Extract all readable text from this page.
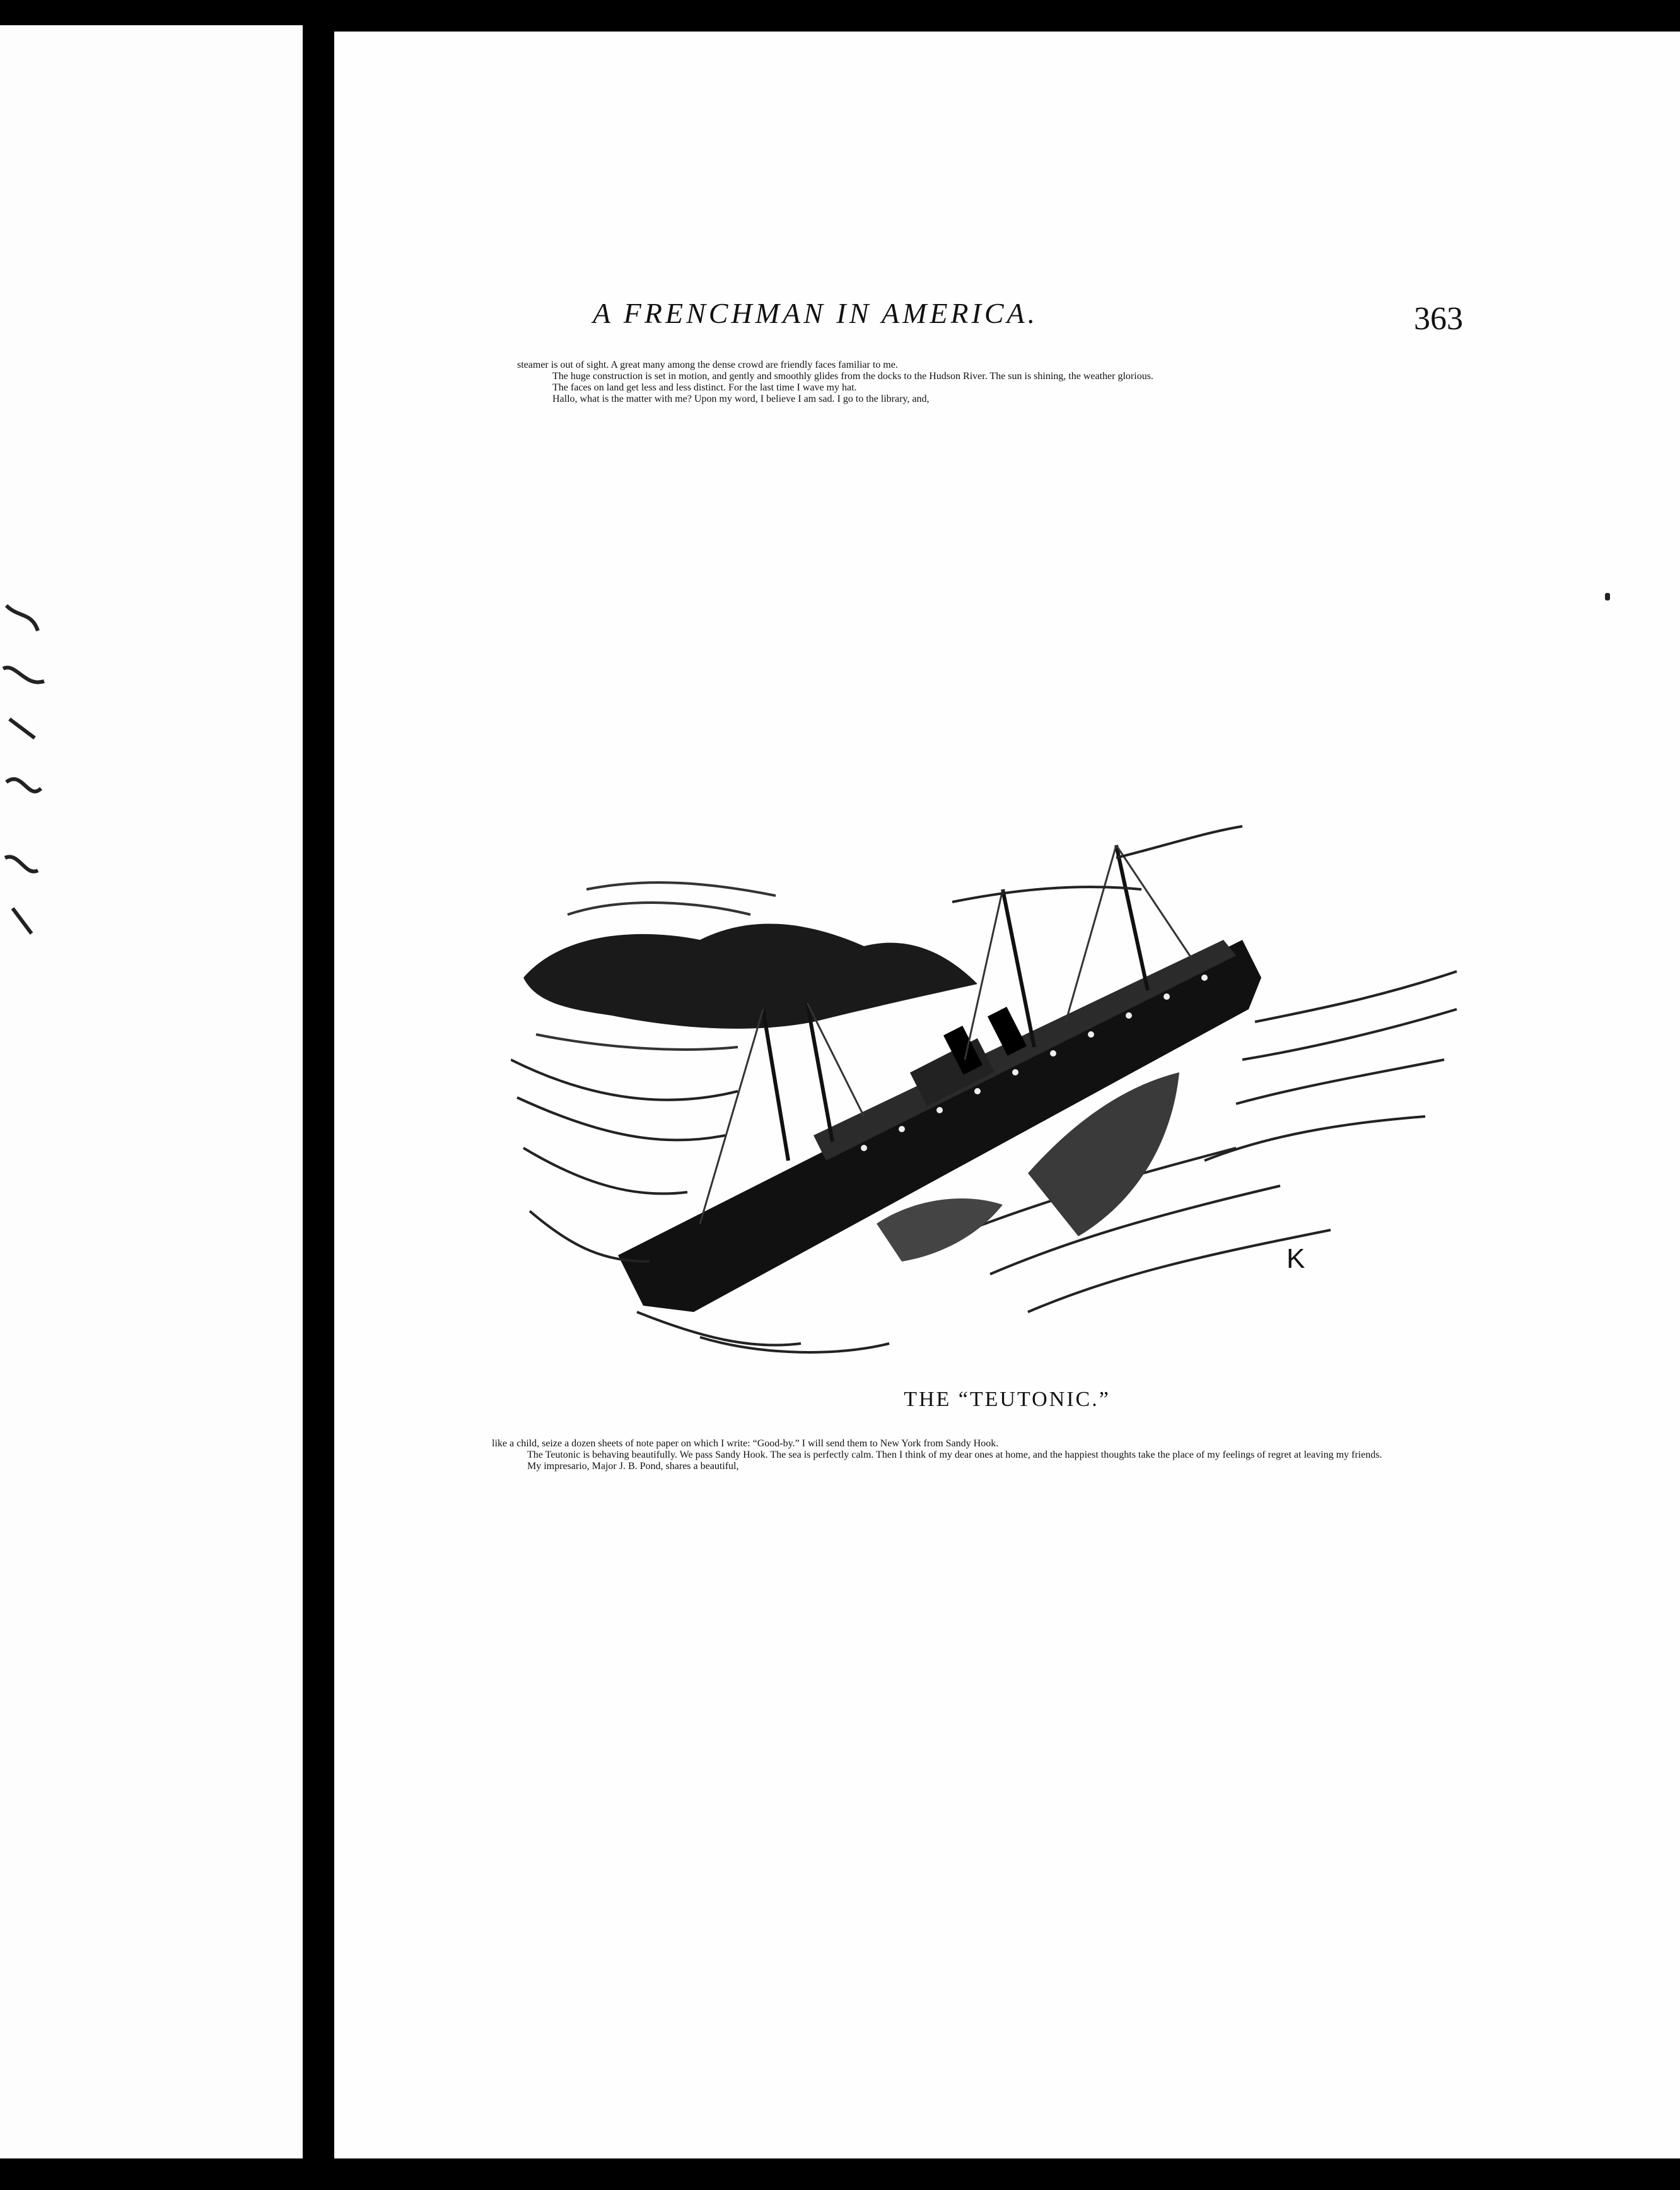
A FRENCHMAN IN AMERICA.	363

steamer is out of sight. A great many among the dense crowd are friendly faces familiar to me.

The huge construction is set in motion, and gently and smoothly glides from the docks to the Hudson River. The sun is shining, the weather glorious.

The faces on land get less and less distinct. For the last time I wave my hat.

Hallo, what is the matter with me? Upon my word, I believe I am sad. I go to the library, and,

K
THE “TEUTONIC.”

like a child, seize a dozen sheets of note paper on which I write: “Good-by.” I will send them to New York from Sandy Hook.

The Teutonic is behaving beautifully. We pass Sandy Hook. The sea is perfectly calm. Then I think of my dear ones at home, and the happiest thoughts take the place of my feelings of regret at leaving my friends.

My impresario, Major J. B. Pond, shares a beautiful,
